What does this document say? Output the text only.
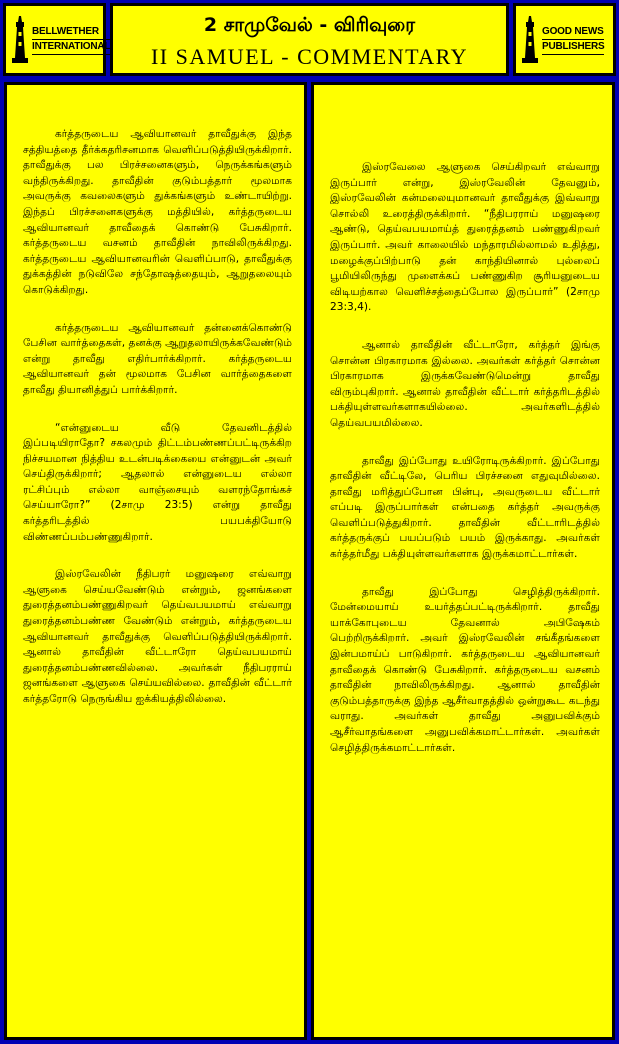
BELLWETHER
INTERNATIONAL
2 சாமுவேல் - விரிவுரை
II SAMUEL - COMMENTARY
GOOD NEWS
PUBLISHERS

கர்த்தருடைய ஆவியானவர் தாவீதுக்கு இந்த சத்தியத்தை தீர்க்கதரிசனமாக வெளிப்படுத்தியிருக்கிறார். தாவீதுக்கு பல பிரச்சனைகளும், நெருக்கங்களும் வந்திருக்கிறது. தாவீதின் குடும்பத்தார் மூலமாக அவருக்கு கவலைகளும் துக்கங்களும் உண்டாயிற்று. இந்தப் பிரச்சனைகளுக்கு மத்தியில், கர்த்தருடைய ஆவியானவர் தாவீதைக் கொண்டு பேசுகிறார். கர்த்தருடைய வசனம் தாவீதின் நாவிலிருக்கிறது. கர்த்தருடைய ஆவியானவரின் வெளிப்பாடு, தாவீதுக்கு துக்கத்தின் நடுவிலே சந்தோஷத்தையும், ஆறுதலையும் கொடுக்கிறது.

கர்த்தருடைய ஆவியானவர் தன்னைக்கொண்டு பேசின வார்த்தைகள், தனக்கு ஆறுதலாயிருக்கவேண்டும் என்று தாவீது எதிர்பார்க்கிறார். கர்த்தருடைய ஆவியானவர் தன் மூலமாக பேசின வார்த்தைகளை தாவீது தியானித்துப் பார்க்கிறார்.

“என்னுடைய வீடு தேவனிடத்தில் இப்படியிராதோ? சகலமும் திட்டம்பண்ணப்பட்டிருக்கிற நிச்சயமான நித்திய உடன்படிக்கையை என்னுடன் அவர் செய்திருக்கிறார்; ஆதலால் என்னுடைய எல்லா ரட்சிப்பும் எல்லா வாஞ்சையும் வளரந்தோங்கச் செய்யாரோ?” (2சாமு 23:5) என்று தாவீது கர்த்தரிடத்தில் பயபக்தியோடு விண்ணப்பம்பண்ணுகிறார்.

இஸ்ரவேலின் நீதிபரர் மனுஷரை எவ்வாறு ஆளுகை செய்யவேண்டும் என்றும், ஜனங்களை துரைத்தனம்பண்ணுகிறவர் தெய்வபயமாய் எவ்வாறு துரைத்தனம்பண்ண வேண்டும் என்றும், கர்த்தருடைய ஆவியானவர் தாவீதுக்கு வெளிப்படுத்தியிருக்கிறார். ஆனால் தாவீதின் வீட்டாரோ தெய்வபயமாய் துரைத்தனம்பண்ணவில்லை. அவர்கள் நீதிபரராய் ஜனங்களை ஆளுகை செய்யவில்லை. தாவீதின் வீட்டார் கர்த்தரோடு நெருங்கிய ஐக்கியத்திலில்லை.

இஸ்ரவேலை ஆளுகை செய்கிறவர் எவ்வாறு இருப்பார் என்று, இஸ்ரவேலின் தேவனும், இஸ்ரவேலின் கன்மலையுமானவர் தாவீதுக்கு இவ்வாறு சொல்லி உரைத்திருக்கிறார். “நீதிபரராய் மனுஷரை ஆண்டு, தெய்வபயமாய்த் துரைத்தனம் பண்ணுகிறவர் இருப்பார். அவர் காலையில் மந்தாரமில்லாமல் உதித்து, மழைக்குப்பிற்பாடு தன் காந்தியினால் புல்லைப் பூமியிலிருந்து முளைக்கப் பண்ணுகிற சூரியனுடைய விடியற்கால வெளிச்சத்தைப்போல இருப்பார்” (2சாமு 23:3,4).

ஆனால் தாவீதின் வீட்டாரோ, கர்த்தர் இங்கு சொன்ன பிரகாரமாக இல்லை. அவர்கள் கர்த்தர் சொன்ன பிரகாரமாக இருக்கவேண்டுமென்று தாவீது விரும்புகிறார். ஆனால் தாவீதின் வீட்டார் கர்த்தரிடத்தில் பக்தியுள்ளவர்களாகயில்லை. அவர்களிடத்தில் தெய்வபயமில்லை.

தாவீது இப்போது உயிரோடிருக்கிறார். இப்போது தாவீதின் வீட்டிலே, பெரிய பிரச்சனை எதுவுமில்லை. தாவீது மரித்துப்போன பின்பு, அவருடைய வீட்டார் எப்படி இருப்பார்கள் என்பதை கர்த்தர் அவருக்கு வெளிப்படுத்துகிறார். தாவீதின் வீட்டாரிடத்தில் கர்த்தருக்குப் பயப்படும் பயம் இருக்காது. அவர்கள் கர்த்தர்மீது பக்தியுள்ளவர்களாக இருக்கமாட்டார்கள்.

தாவீது இப்போது செழித்திருக்கிறார். மேன்மையாய் உயர்த்தப்பட்டிருக்கிறார். தாவீது யாக்கோபுடைய தேவனால் அபிஷேகம் பெற்றிருக்கிறார். அவர் இஸ்ரவேலின் சங்கீதங்களை இன்பமாய்ப் பாடுகிறார். கர்த்தருடைய ஆவியானவர் தாவீதைக் கொண்டு பேசுகிறார். கர்த்தருடைய வசனம் தாவீதின் நாவிலிருக்கிறது. ஆனால் தாவீதின் குடும்பத்தாருக்கு இந்த ஆசீர்வாதத்தில் ஒன்றுகூட கடந்து வராது. அவர்கள் தாவீது அனுபவிக்கும் ஆசீர்வாதங்களை அனுபவிக்கமாட்டார்கள். அவர்கள் செழித்திருக்கமாட்டார்கள்.
